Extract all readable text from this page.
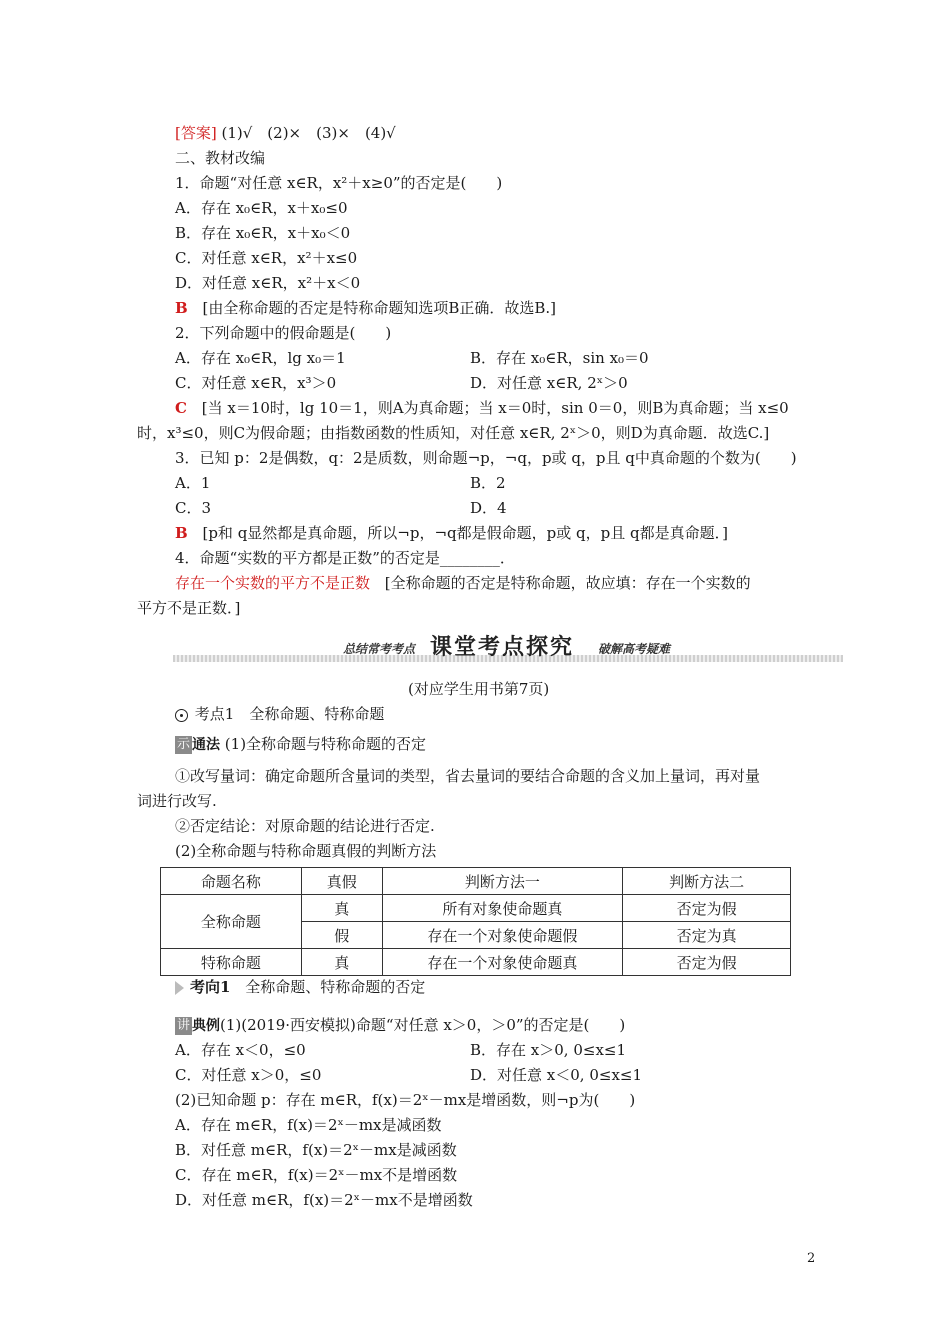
[答案] (1)√　(2)×　(3)×　(4)√
二、教材改编
1．命题“对任意 x∈R，x²＋x≥0”的否定是(　　)
A．存在 x₀∈R，x＋x₀≤0
B．存在 x₀∈R，x＋x₀＜0
C．对任意 x∈R，x²＋x≤0
D．对任意 x∈R，x²＋x＜0
B [由全称命题的否定是特称命题知选项B正确．故选B.]
2．下列命题中的假命题是(　　)
A．存在 x₀∈R，lg x₀＝1	B．存在 x₀∈R，sin x₀＝0
C．对任意 x∈R，x³＞0	D．对任意 x∈R, 2ˣ＞0
C [当 x＝10时，lg 10＝1，则A为真命题；当 x＝0时，sin 0＝0，则B为真命题；当 x≤0
时，x³≤0，则C为假命题；由指数函数的性质知，对任意 x∈R, 2ˣ＞0，则D为真命题．故选C.]
3．已知 p：2是偶数，q：2是质数，则命题¬p，¬q，p或 q，p且 q中真命题的个数为(　　)
A．1	B．2
C．3	D．4
B [p和 q显然都是真命题，所以¬p，¬q都是假命题，p或 q，p且 q都是真命题．]
4．命题“实数的平方都是正数”的否定是________．
存在一个实数的平方不是正数 [全称命题的否定是特称命题，故应填：存在一个实数的
平方不是正数．]
总结常考考点 课堂考点探究 破解高考疑难
(对应学生用书第7页)
考点1　全称命题、特称命题
示 通法 (1)全称命题与特称命题的否定
①改写量词：确定命题所含量词的类型，省去量词的要结合命题的含义加上量词，再对量
词进行改写.
②否定结论：对原命题的结论进行否定.
(2)全称命题与特称命题真假的判断方法
命题名称	真假	判断方法一	判断方法二
全称命题	真	所有对象使命题真	否定为假
	假	存在一个对象使命题假	否定为真
特称命题	真	存在一个对象使命题真	否定为假
考向1 全称命题、特称命题的否定
讲 典例(1)(2019·西安模拟)命题“对任意 x＞0，＞0”的否定是(　　)
A．存在 x＜0，≤0	B．存在 x＞0, 0≤x≤1
C．对任意 x＞0，≤0	D．对任意 x＜0, 0≤x≤1
(2)已知命题 p：存在 m∈R，f(x)＝2ˣ－mx是增函数，则¬p为(　　)
A．存在 m∈R，f(x)＝2ˣ－mx是减函数
B．对任意 m∈R，f(x)＝2ˣ－mx是减函数
C．存在 m∈R，f(x)＝2ˣ－mx不是增函数
D．对任意 m∈R，f(x)＝2ˣ－mx不是增函数
2
